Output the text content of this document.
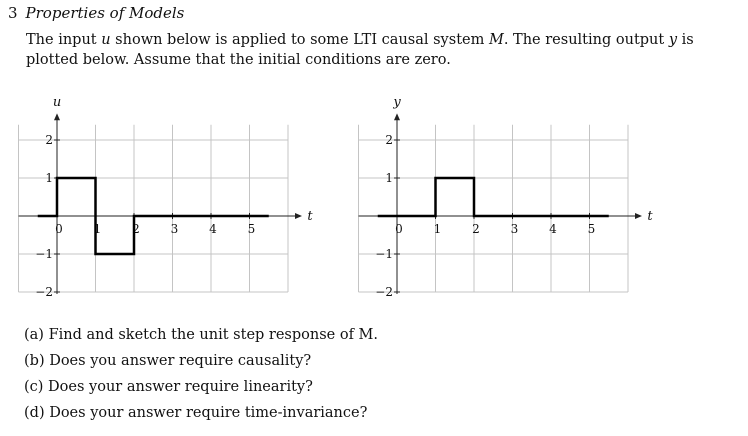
3 Properties of Models
The input u shown below is applied to some LTI causal system M. The resulting output y is plotted below. Assume that the initial conditions are zero.
0	1	2	3	4	5
2
1
−1
−2
u
t
0	1	2	3	4	5
2
1
−1
−2
y
t
(a) Find and sketch the unit step response of M.
(b) Does you answer require causality?
(c) Does your answer require linearity?
(d) Does your answer require time-invariance?
